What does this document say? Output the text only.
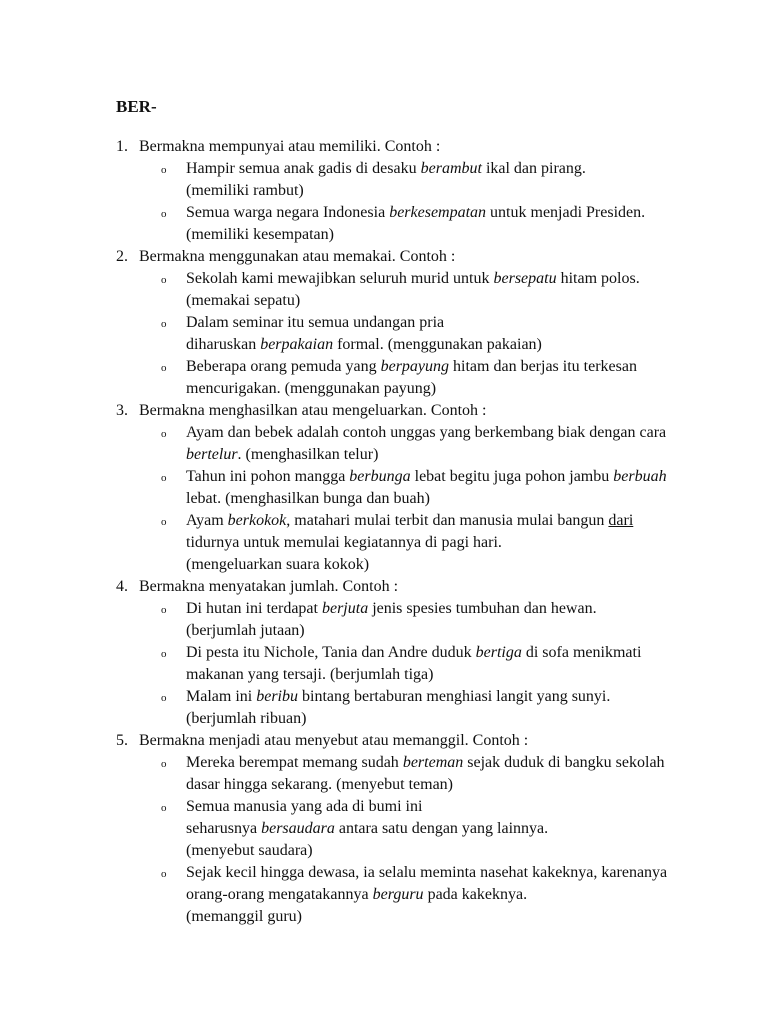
BER-

1. Bermakna mempunyai atau memiliki. Contoh :
o Hampir semua anak gadis di desaku berambut ikal dan pirang.
(memiliki rambut)
o Semua warga negara Indonesia berkesempatan untuk menjadi Presiden. (memiliki kesempatan)
2. Bermakna menggunakan atau memakai. Contoh :
o Sekolah kami mewajibkan seluruh murid untuk bersepatu hitam polos. (memakai sepatu)
o Dalam seminar itu semua undangan pria
diharuskan berpakaian formal. (menggunakan pakaian)
o Beberapa orang pemuda yang berpayung hitam dan berjas itu terkesan mencurigakan. (menggunakan payung)
3. Bermakna menghasilkan atau mengeluarkan. Contoh :
o Ayam dan bebek adalah contoh unggas yang berkembang biak dengan cara bertelur. (menghasilkan telur)
o Tahun ini pohon mangga berbunga lebat begitu juga pohon jambu berbuah lebat. (menghasilkan bunga dan buah)
o Ayam berkokok, matahari mulai terbit dan manusia mulai bangun dari tidurnya untuk memulai kegiatannya di pagi hari.
(mengeluarkan suara kokok)
4. Bermakna menyatakan jumlah. Contoh :
o Di hutan ini terdapat berjuta jenis spesies tumbuhan dan hewan.
(berjumlah jutaan)
o Di pesta itu Nichole, Tania dan Andre duduk bertiga di sofa menikmati makanan yang tersaji. (berjumlah tiga)
o Malam ini beribu bintang bertaburan menghiasi langit yang sunyi.
(berjumlah ribuan)
5. Bermakna menjadi atau menyebut atau memanggil. Contoh :
o Mereka berempat memang sudah berteman sejak duduk di bangku sekolah dasar hingga sekarang. (menyebut teman)
o Semua manusia yang ada di bumi ini
seharusnya bersaudara antara satu dengan yang lainnya.
(menyebut saudara)
o Sejak kecil hingga dewasa, ia selalu meminta nasehat kakeknya, karenanya orang-orang mengatakannya berguru pada kakeknya.
(memanggil guru)
